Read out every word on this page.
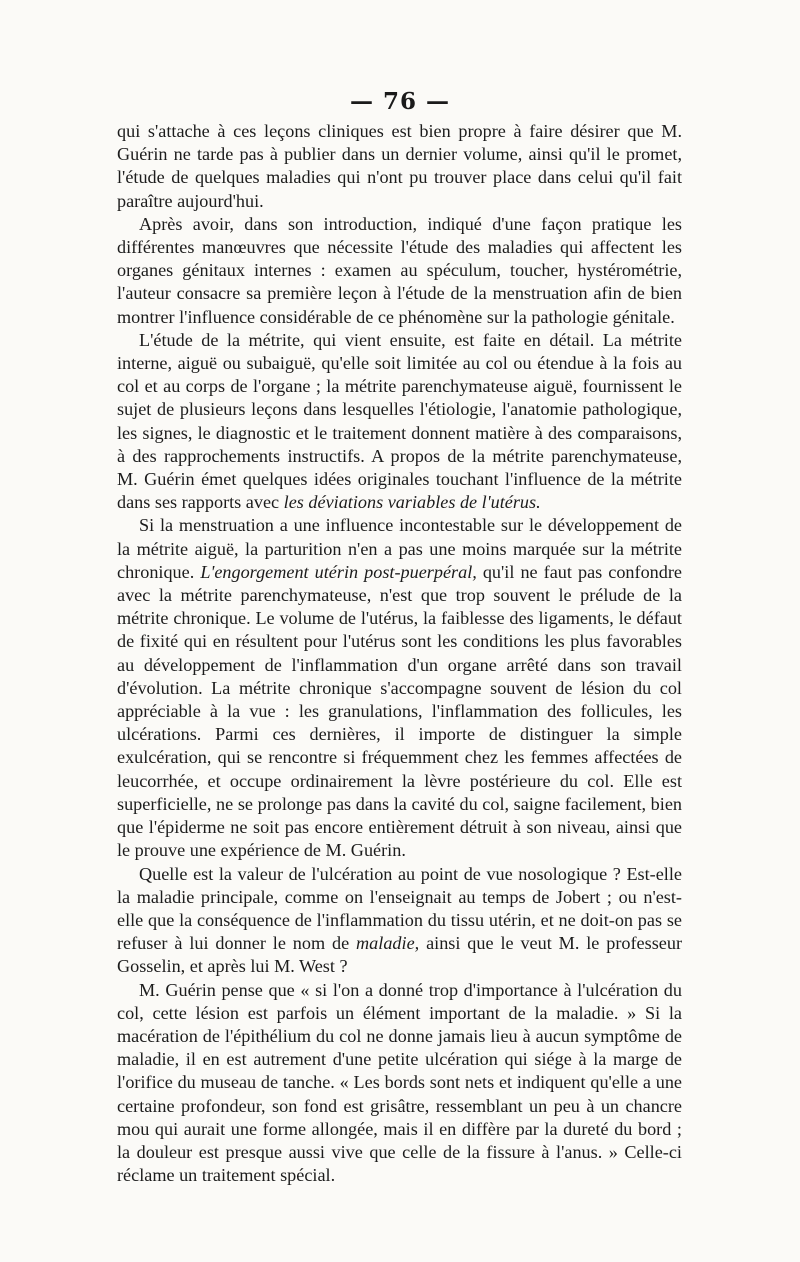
— 76 —

qui s'attache à ces leçons cliniques est bien propre à faire désirer que M. Guérin ne tarde pas à publier dans un dernier volume, ainsi qu'il le promet, l'étude de quelques maladies qui n'ont pu trouver place dans celui qu'il fait paraître aujourd'hui.

Après avoir, dans son introduction, indiqué d'une façon pratique les différentes manœuvres que nécessite l'étude des maladies qui affectent les organes génitaux internes : examen au spéculum, toucher, hystérométrie, l'auteur consacre sa première leçon à l'étude de la menstruation afin de bien montrer l'influence considérable de ce phénomène sur la pathologie génitale.

L'étude de la métrite, qui vient ensuite, est faite en détail. La métrite interne, aiguë ou subaiguë, qu'elle soit limitée au col ou étendue à la fois au col et au corps de l'organe ; la métrite parenchymateuse aiguë, fournissent le sujet de plusieurs leçons dans lesquelles l'étiologie, l'anatomie pathologique, les signes, le diagnostic et le traitement donnent matière à des comparaisons, à des rapprochements instructifs. A propos de la métrite parenchymateuse, M. Guérin émet quelques idées originales touchant l'influence de la métrite dans ses rapports avec les déviations variables de l'utérus.

Si la menstruation a une influence incontestable sur le développement de la métrite aiguë, la parturition n'en a pas une moins marquée sur la métrite chronique. L'engorgement utérin post-puerpéral, qu'il ne faut pas confondre avec la métrite parenchymateuse, n'est que trop souvent le prélude de la métrite chronique. Le volume de l'utérus, la faiblesse des ligaments, le défaut de fixité qui en résultent pour l'utérus sont les conditions les plus favorables au développement de l'inflammation d'un organe arrêté dans son travail d'évolution. La métrite chronique s'accompagne souvent de lésion du col appréciable à la vue : les granulations, l'inflammation des follicules, les ulcérations. Parmi ces dernières, il importe de distinguer la simple exulcération, qui se rencontre si fréquemment chez les femmes affectées de leucorrhée, et occupe ordinairement la lèvre postérieure du col. Elle est superficielle, ne se prolonge pas dans la cavité du col, saigne facilement, bien que l'épiderme ne soit pas encore entièrement détruit à son niveau, ainsi que le prouve une expérience de M. Guérin.

Quelle est la valeur de l'ulcération au point de vue nosologique ? Est-elle la maladie principale, comme on l'enseignait au temps de Jobert ; ou n'est-elle que la conséquence de l'inflammation du tissu utérin, et ne doit-on pas se refuser à lui donner le nom de maladie, ainsi que le veut M. le professeur Gosselin, et après lui M. West ?

M. Guérin pense que « si l'on a donné trop d'importance à l'ulcération du col, cette lésion est parfois un élément important de la maladie. » Si la macération de l'épithélium du col ne donne jamais lieu à aucun symptôme de maladie, il en est autrement d'une petite ulcération qui siége à la marge de l'orifice du museau de tanche. « Les bords sont nets et indiquent qu'elle a une certaine profondeur, son fond est grisâtre, ressemblant un peu à un chancre mou qui aurait une forme allongée, mais il en diffère par la dureté du bord ; la douleur est presque aussi vive que celle de la fissure à l'anus. » Celle-ci réclame un traitement spécial.
